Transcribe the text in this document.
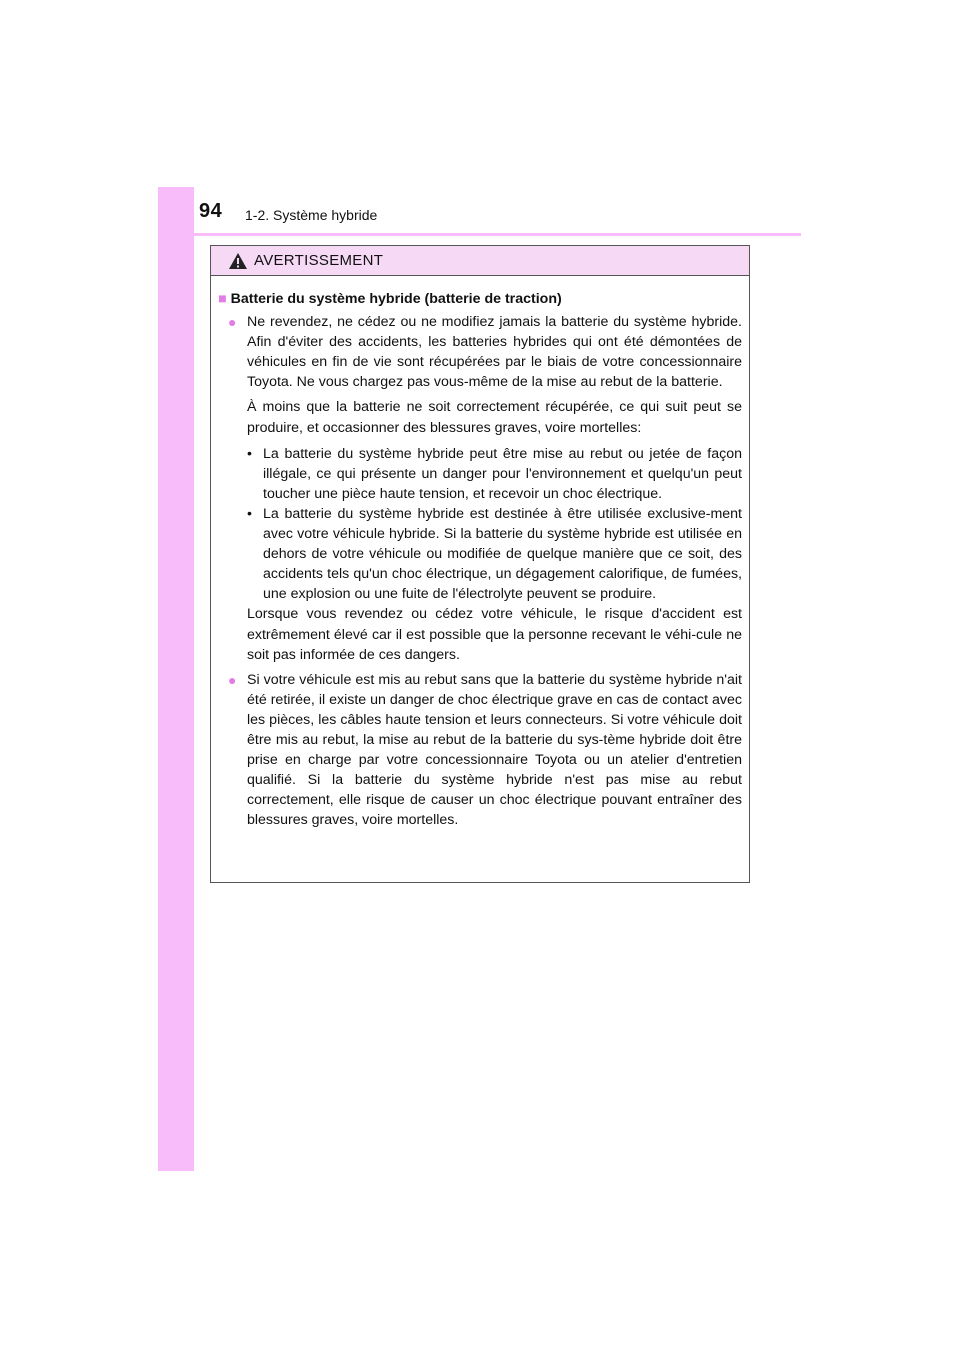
94 1-2. Système hybride
AVERTISSEMENT
■ Batterie du système hybride (batterie de traction)
● Ne revendez, ne cédez ou ne modifiez jamais la batterie du système hybride. Afin d'éviter des accidents, les batteries hybrides qui ont été démontées de véhicules en fin de vie sont récupérées par le biais de votre concessionnaire Toyota. Ne vous chargez pas vous-même de la mise au rebut de la batterie.

À moins que la batterie ne soit correctement récupérée, ce qui suit peut se produire, et occasionner des blessures graves, voire mortelles:

• La batterie du système hybride peut être mise au rebut ou jetée de façon illégale, ce qui présente un danger pour l'environnement et quelqu'un peut toucher une pièce haute tension, et recevoir un choc électrique.
• La batterie du système hybride est destinée à être utilisée exclusive-ment avec votre véhicule hybride. Si la batterie du système hybride est utilisée en dehors de votre véhicule ou modifiée de quelque manière que ce soit, des accidents tels qu'un choc électrique, un dégagement calorifique, de fumées, une explosion ou une fuite de l'électrolyte peuvent se produire.

Lorsque vous revendez ou cédez votre véhicule, le risque d'accident est extrêmement élevé car il est possible que la personne recevant le véhi-cule ne soit pas informée de ces dangers.

● Si votre véhicule est mis au rebut sans que la batterie du système hybride n'ait été retirée, il existe un danger de choc électrique grave en cas de contact avec les pièces, les câbles haute tension et leurs connecteurs. Si votre véhicule doit être mis au rebut, la mise au rebut de la batterie du sys-tème hybride doit être prise en charge par votre concessionnaire Toyota ou un atelier d'entretien qualifié. Si la batterie du système hybride n'est pas mise au rebut correctement, elle risque de causer un choc électrique pouvant entraîner des blessures graves, voire mortelles.
